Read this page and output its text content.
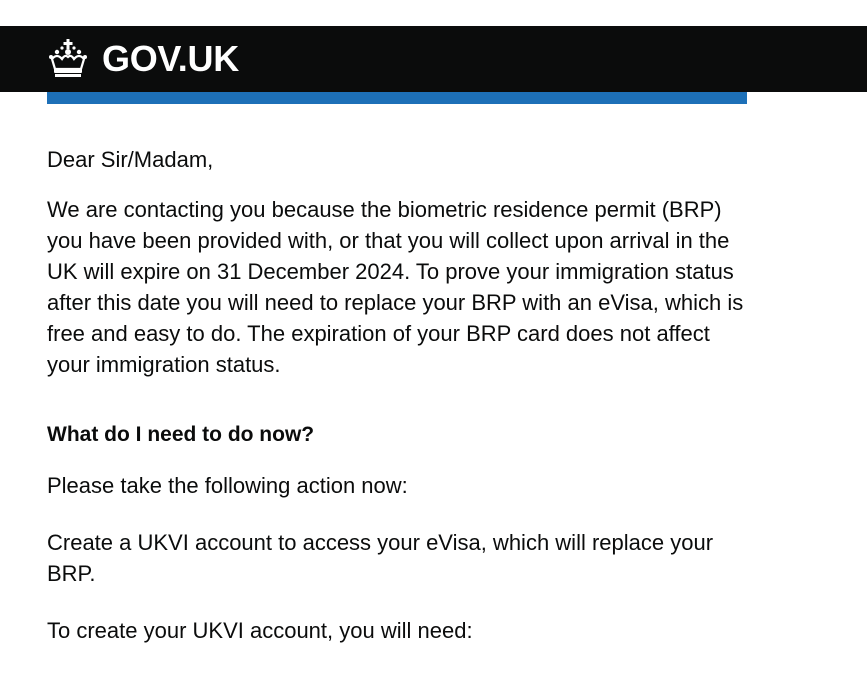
GOV.UK

Dear Sir/Madam,

We are contacting you because the biometric residence permit (BRP) you have been provided with, or that you will collect upon arrival in the UK will expire on 31 December 2024. To prove your immigration status after this date you will need to replace your BRP with an eVisa, which is free and easy to do. The expiration of your BRP card does not affect your immigration status.

What do I need to do now?

Please take the following action now:

Create a UKVI account to access your eVisa, which will replace your BRP.

To create your UKVI account, you will need:
